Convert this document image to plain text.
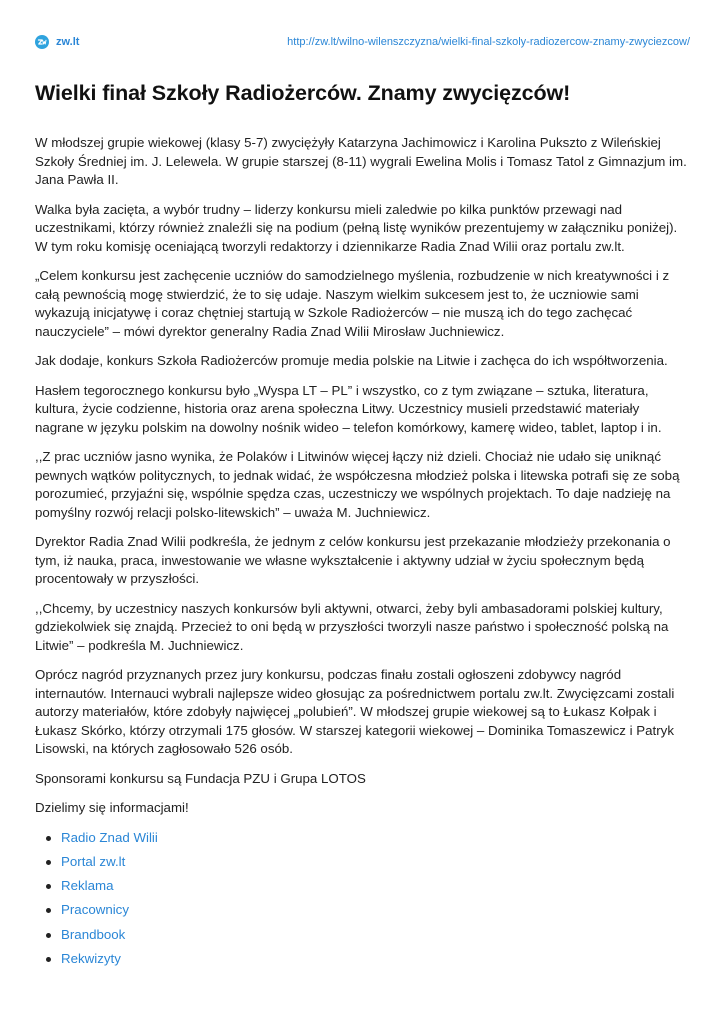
zw.lt	http://zw.lt/wilno-wilenszczyzna/wielki-final-szkoly-radiozercow-znamy-zwyciezcow/
Wielki finał Szkoły Radiożerców. Znamy zwycięzców!

W młodszej grupie wiekowej (klasy 5-7) zwyciężyły Katarzyna Jachimowicz i Karolina Pukszto z Wileńskiej Szkoły Średniej im. J. Lelewela. W grupie starszej (8-11) wygrali Ewelina Molis i Tomasz Tatol z Gimnazjum im. Jana Pawła II.

Walka była zacięta, a wybór trudny – liderzy konkursu mieli zaledwie po kilka punktów przewagi nad uczestnikami, którzy również znaleźli się na podium (pełną listę wyników prezentujemy w załączniku poniżej). W tym roku komisję oceniającą tworzyli redaktorzy i dziennikarze Radia Znad Wilii oraz portalu zw.lt.

„Celem konkursu jest zachęcenie uczniów do samodzielnego myślenia, rozbudzenie w nich kreatywności i z całą pewnością mogę stwierdzić, że to się udaje. Naszym wielkim sukcesem jest to, że uczniowie sami wykazują inicjatywę i coraz chętniej startują w Szkole Radiożerców – nie muszą ich do tego zachęcać nauczyciele” – mówi dyrektor generalny Radia Znad Wilii Mirosław Juchniewicz.

Jak dodaje, konkurs Szkoła Radiożerców promuje media polskie na Litwie i zachęca do ich współtworzenia.

Hasłem tegorocznego konkursu było „Wyspa LT – PL” i wszystko, co z tym związane – sztuka, literatura, kultura, życie codzienne, historia oraz arena społeczna Litwy. Uczestnicy musieli przedstawić materiały nagrane w języku polskim na dowolny nośnik wideo – telefon komórkowy, kamerę wideo, tablet, laptop i in.

,,Z prac uczniów jasno wynika, że Polaków i Litwinów więcej łączy niż dzieli. Chociaż nie udało się uniknąć pewnych wątków politycznych, to jednak widać, że współczesna młodzież polska i litewska potrafi się ze sobą porozumieć, przyjaźni się, wspólnie spędza czas, uczestniczy we wspólnych projektach. To daje nadzieję na pomyślny rozwój relacji polsko-litewskich” – uważa M. Juchniewicz.

Dyrektor Radia Znad Wilii podkreśla, że jednym z celów konkursu jest przekazanie młodzieży przekonania o tym, iż nauka, praca, inwestowanie we własne wykształcenie i aktywny udział w życiu społecznym będą procentowały w przyszłości.

,,Chcemy, by uczestnicy naszych konkursów byli aktywni, otwarci, żeby byli ambasadorami polskiej kultury, gdziekolwiek się znajdą. Przecież to oni będą w przyszłości tworzyli nasze państwo i społeczność polską na Litwie” – podkreśla M. Juchniewicz.

Oprócz nagród przyznanych przez jury konkursu, podczas finału zostali ogłoszeni zdobywcy nagród internautów. Internauci wybrali najlepsze wideo głosując za pośrednictwem portalu zw.lt. Zwycięzcami zostali autorzy materiałów, które zdobyły najwięcej „polubień”. W młodszej grupie wiekowej są to Łukasz Kołpak i Łukasz Skórko, którzy otrzymali 175 głosów. W starszej kategorii wiekowej – Dominika Tomaszewicz i Patryk Lisowski, na których zagłosowało 526 osób.

Sponsorami konkursu są Fundacja PZU i Grupa LOTOS

Dzielimy się informacjami!

Radio Znad Wilii
Portal zw.lt
Reklama
Pracownicy
Brandbook
Rekwizyty
